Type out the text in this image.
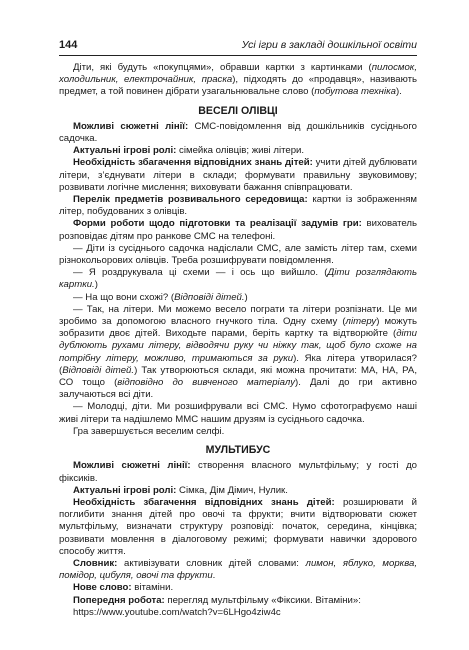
144	Усі ігри в закладі дошкільної освіти

Діти, які будуть «покупцями», обравши картки з картинками (пилосмок, холодильник, електрочайник, праска), підходять до «продавця», називають предмет, а той повинен дібрати узагальнювальне слово (побутова техніка).

ВЕСЕЛІ ОЛІВЦІ

Можливі сюжетні лінії: СМС-повідомлення від дошкільників сусіднього садочка.

Актуальні ігрові ролі: сімейка олівців; живі літери.

Необхідність збагачення відповідних знань дітей: учити дітей дублювати літери, з’єднувати літери в склади; формувати правильну звуковимову; розвивати логічне мислення; виховувати бажання співпрацювати.

Перелік предметів розвивального середовища: картки із зображенням літер, побудованих з олівців.

Форми роботи щодо підготовки та реалізації задумів гри: вихователь розповідає дітям про ранкове СМС на телефоні.

— Діти із сусіднього садочка надіслали СМС, але замість літер там, схеми різнокольорових олівців. Треба розшифрувати повідомлення.

— Я роздрукувала ці схеми — і ось що вийшло. (Діти розглядають картки.)

— На що вони схожі? (Відповіді дітей.)

— Так, на літери. Ми можемо весело пограти та літери розпізнати. Це ми зробимо за допомогою власного гнучкого тіла. Одну схему (літеру) можуть зобразити двоє дітей. Виходьте парами, беріть картку та відтворюйте (діти дублюють рухами літеру, відводячи руку чи ніжку так, щоб було схоже на потрібну літеру, можливо, тримаються за руки). Яка літера утворилася? (Відповіді дітей.) Так утворюються склади, які можна прочитати: МА, НА, РА, СО тощо (відповідно до вивченого матеріалу). Далі до гри активно залучаються всі діти.

— Молодці, діти. Ми розшифрували всі СМС. Нумо сфотографуємо наші живі літери та надішлемо ММС нашим друзям із сусіднього садочка.

Гра завершується веселим селфі.

МУЛЬТИБУС

Можливі сюжетні лінії: створення власного мультфільму; у гості до фіксиків.

Актуальні ігрові ролі: Сімка, Дім Дімич, Нулик.

Необхідність збагачення відповідних знань дітей: розширювати й поглибити знання дітей про овочі та фрукти; вчити відтворювати сюжет мультфільму, визначати структуру розповіді: початок, середина, кінцівка; розвивати мовлення в діалоговому режимі; формувати навички здорового способу життя.

Словник: активізувати словник дітей словами: лимон, яблуко, морква, помідор, цибуля, овочі та фрукти.

Нове слово: вітаміни.

Попередня робота: перегляд мультфільму «Фіксики. Вітаміни»:

https://www.youtube.com/watch?v=6LHgo4ziw4c
